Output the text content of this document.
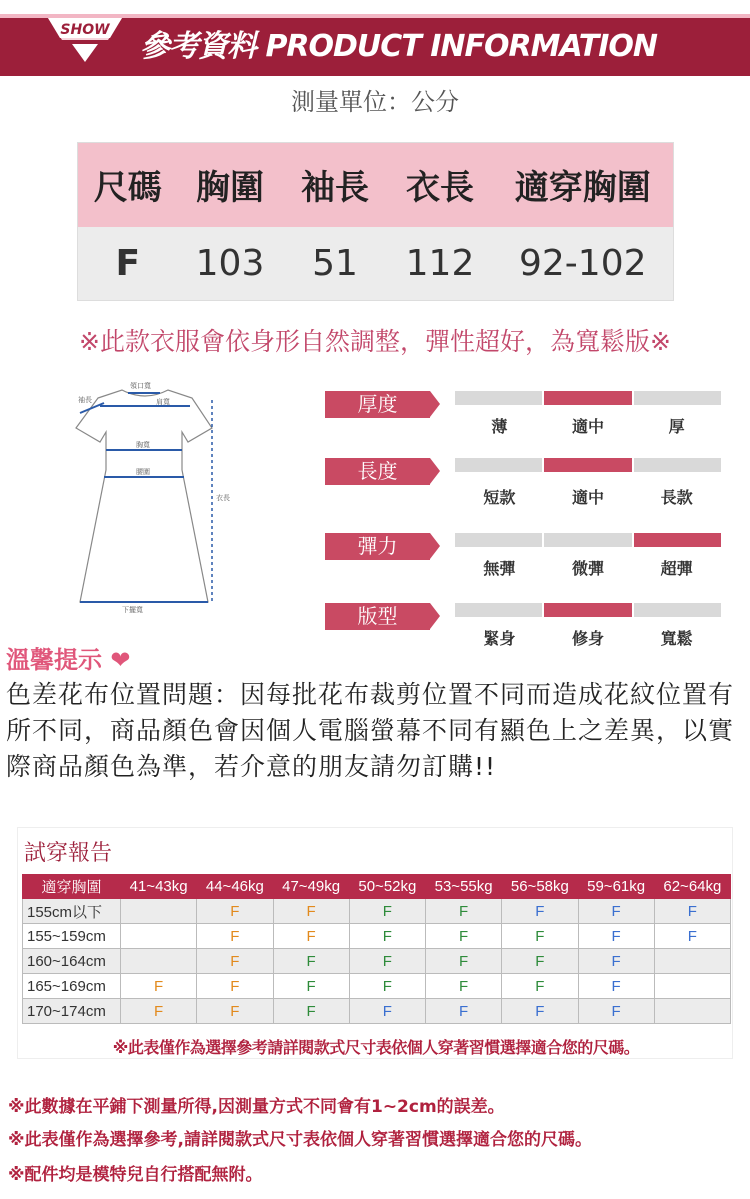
SHOW 參考資料 PRODUCT INFORMATION
測量單位：公分
尺碼	胸圍	袖長	衣長	適穿胸圍
F	103	51	112	92-102
※此款衣服會依身形自然調整，彈性超好，為寬鬆版※
袖長
領口寬
肩寬
胸寬
腰圍
衣長
下擺寬
厚度
薄	適中	厚
長度
短款	適中	長款
彈力
無彈	微彈	超彈
版型
緊身	修身	寬鬆
溫馨提示 ❤
色差花布位置問題：因每批花布裁剪位置不同而造成花紋位置有所不同，商品顏色會因個人電腦螢幕不同有顯色上之差異，以實際商品顏色為準，若介意的朋友請勿訂購!!
試穿報告
適穿胸圍	41~43kg	44~46kg	47~49kg	50~52kg	53~55kg	56~58kg	59~61kg	62~64kg
155cm以下		F	F	F	F	F	F	F
155~159cm		F	F	F	F	F	F	F
160~164cm		F	F	F	F	F	F	
165~169cm	F	F	F	F	F	F	F	
170~174cm	F	F	F	F	F	F	F	
※此表僅作為選擇參考請詳閱款式尺寸表依個人穿著習慣選擇適合您的尺碼。
※此數據在平鋪下測量所得,因測量方式不同會有1~2cm的誤差。
※此表僅作為選擇參考,請詳閱款式尺寸表依個人穿著習慣選擇適合您的尺碼。
※配件均是模特兒自行搭配無附。
